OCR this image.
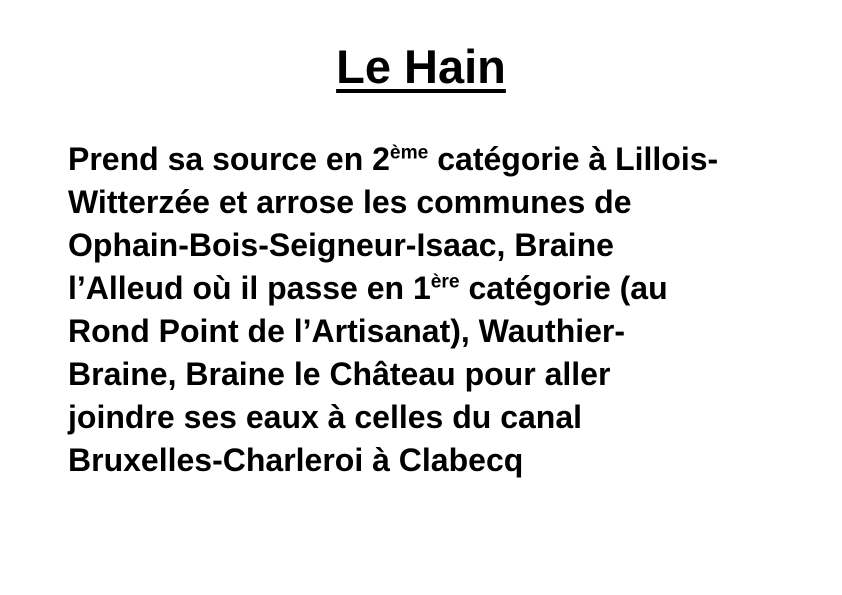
Le Hain

Prend sa source en 2ème catégorie à Lillois-Witterzée et arrose les communes de Ophain-Bois-Seigneur-Isaac, Braine l’Alleud où il passe en 1ère catégorie (au Rond Point de l’Artisanat), Wauthier-Braine, Braine le Château pour aller joindre ses eaux à celles du canal Bruxelles-Charleroi à Clabecq
